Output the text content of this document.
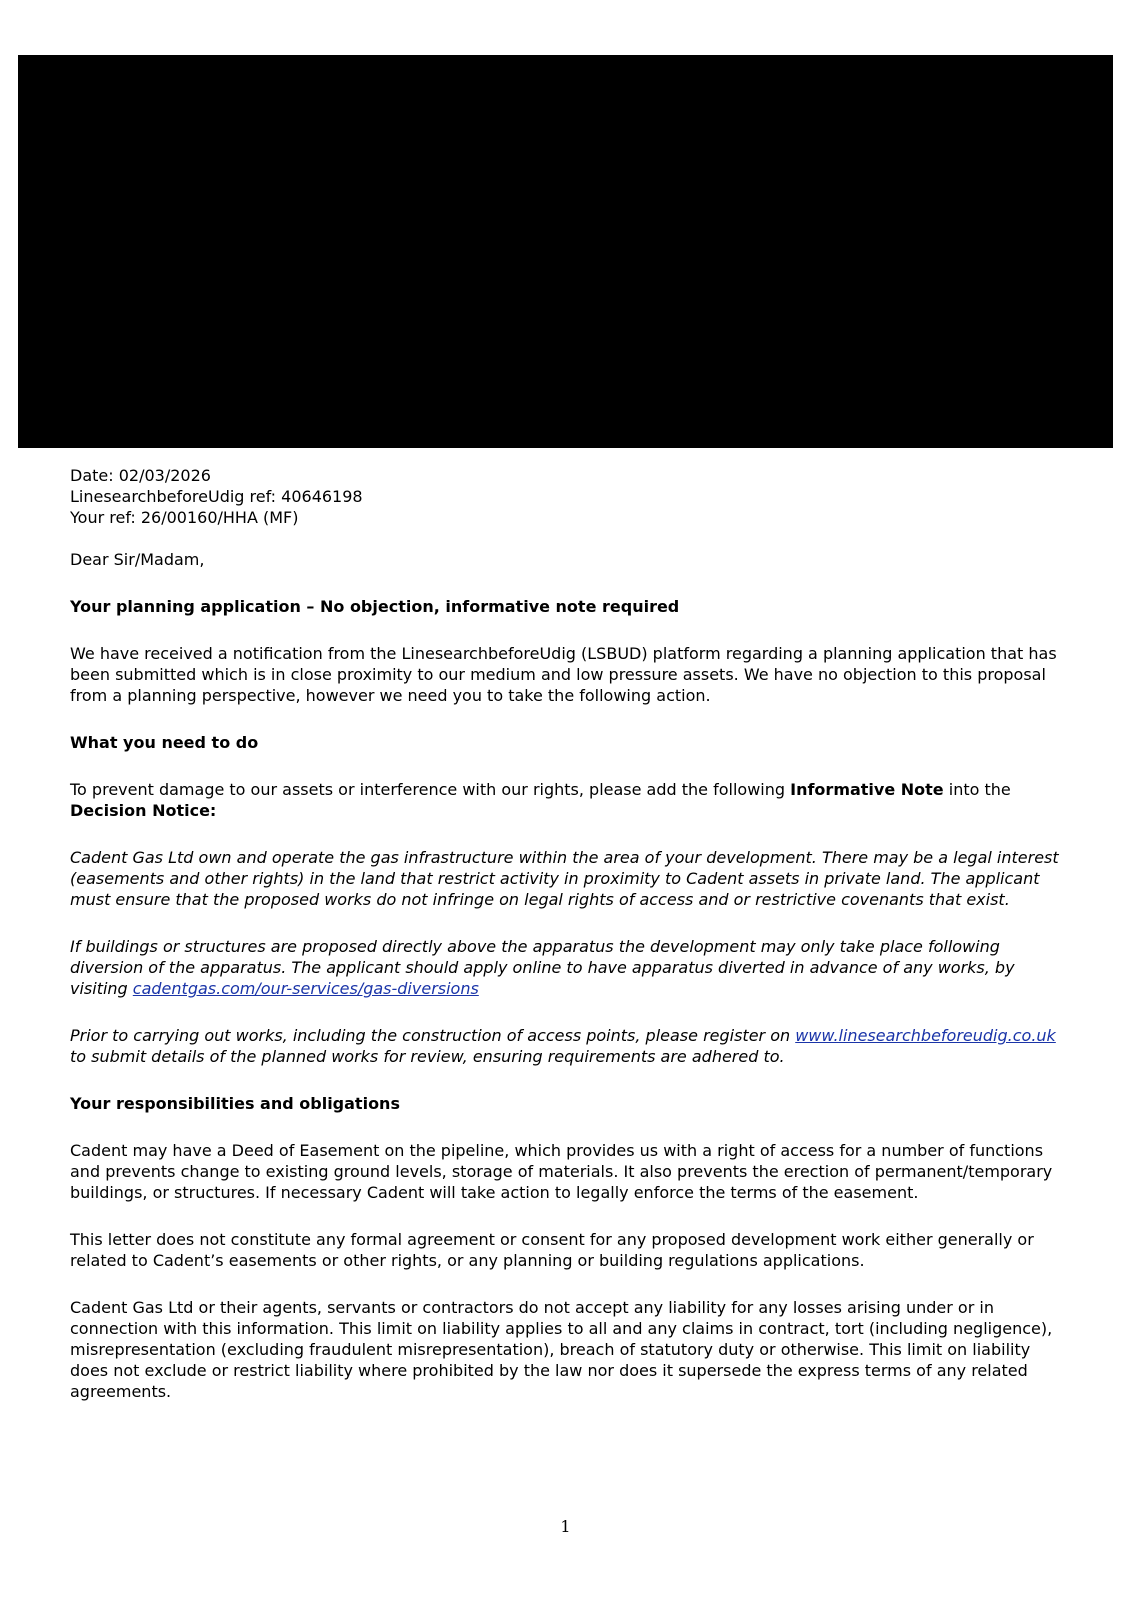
Date: 02/03/2026

LinesearchbeforeUdig ref: 40646198

Your ref: 26/00160/HHA (MF)

Dear Sir/Madam,

Your planning application – No objection, informative note required

We have received a notification from the LinesearchbeforeUdig (LSBUD) platform regarding a planning application that has been submitted which is in close proximity to our medium and low pressure assets. We have no objection to this proposal from a planning perspective, however we need you to take the following action.

What you need to do

To prevent damage to our assets or interference with our rights, please add the following Informative Note into the Decision Notice:

Cadent Gas Ltd own and operate the gas infrastructure within the area of your development. There may be a legal interest (easements and other rights) in the land that restrict activity in proximity to Cadent assets in private land. The applicant must ensure that the proposed works do not infringe on legal rights of access and or restrictive covenants that exist.

If buildings or structures are proposed directly above the apparatus the development may only take place following diversion of the apparatus. The applicant should apply online to have apparatus diverted in advance of any works, by visiting cadentgas.com/our-services/gas-diversions

Prior to carrying out works, including the construction of access points, please register on www.linesearchbeforeudig.co.uk to submit details of the planned works for review, ensuring requirements are adhered to.

Your responsibilities and obligations

Cadent may have a Deed of Easement on the pipeline, which provides us with a right of access for a number of functions and prevents change to existing ground levels, storage of materials. It also prevents the erection of permanent/temporary buildings, or structures. If necessary Cadent will take action to legally enforce the terms of the easement.

This letter does not constitute any formal agreement or consent for any proposed development work either generally or related to Cadent’s easements or other rights, or any planning or building regulations applications.

Cadent Gas Ltd or their agents, servants or contractors do not accept any liability for any losses arising under or in connection with this information. This limit on liability applies to all and any claims in contract, tort (including negligence), misrepresentation (excluding fraudulent misrepresentation), breach of statutory duty or otherwise. This limit on liability does not exclude or restrict liability where prohibited by the law nor does it supersede the express terms of any related agreements.

1
